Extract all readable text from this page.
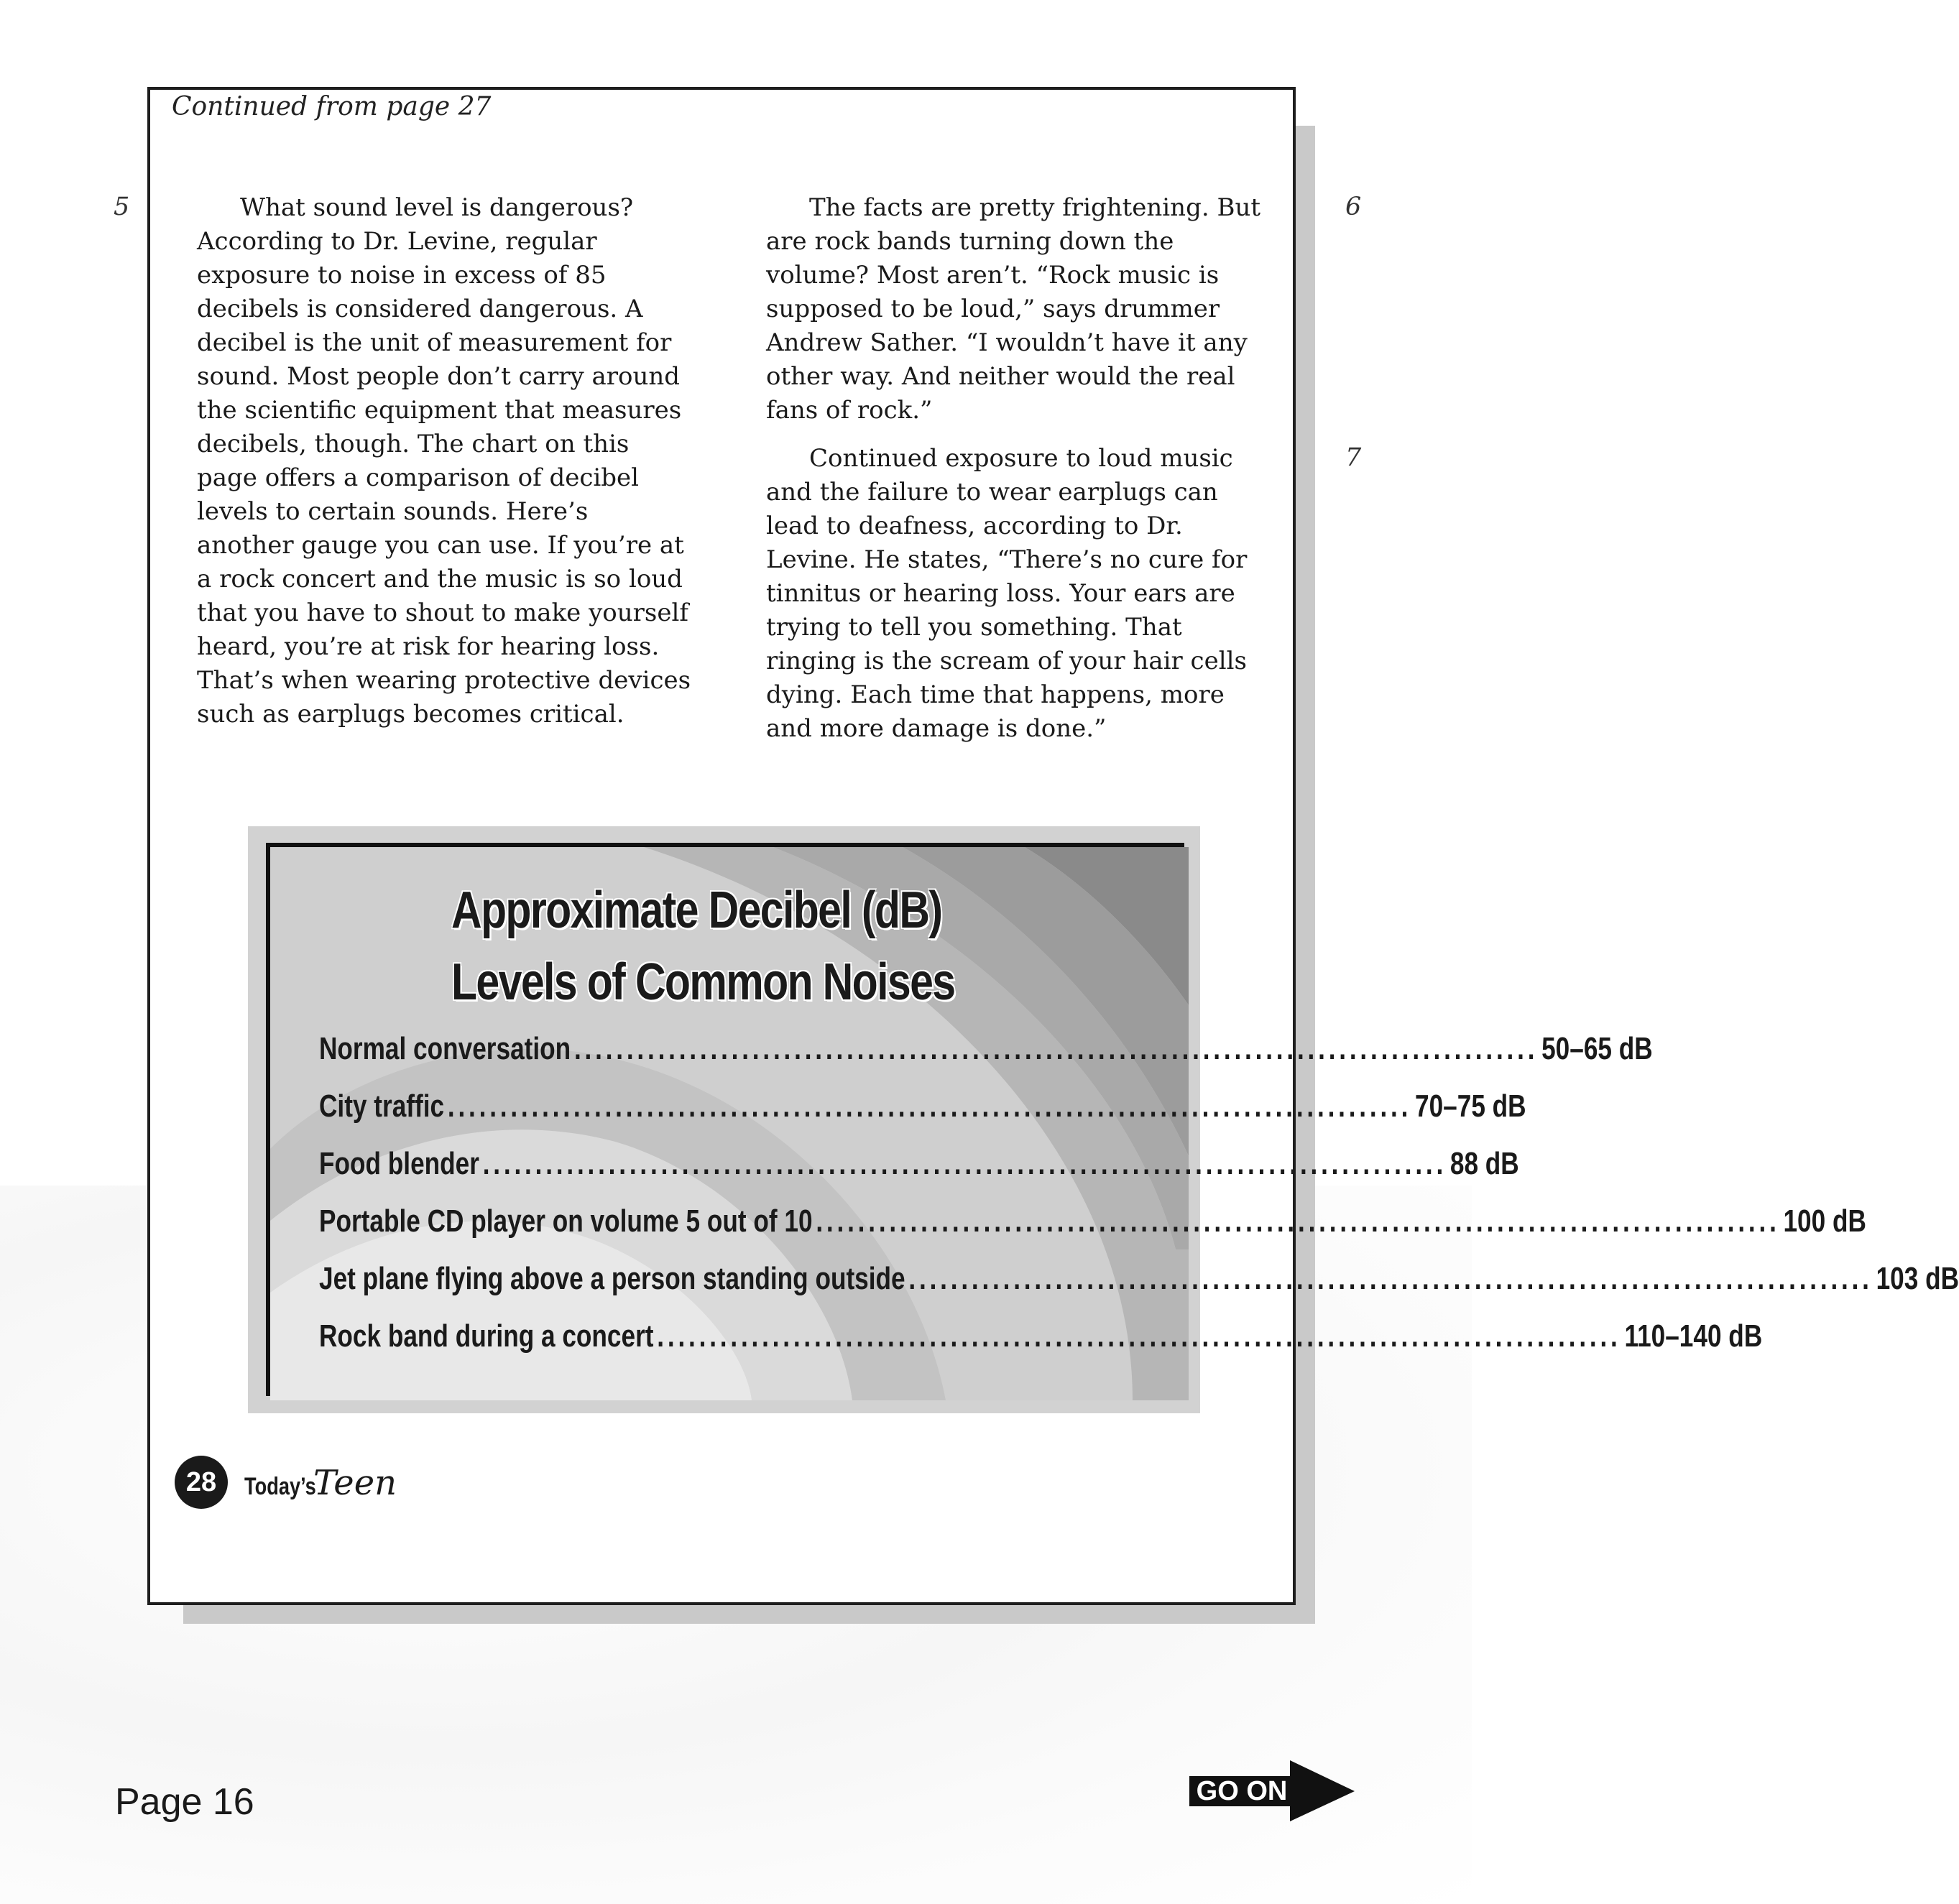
Continued from page 27
5	6
7

What sound level is dangerous? According to Dr. Levine, regular exposure to noise in excess of 85 decibels is considered dangerous. A decibel is the unit of measurement for sound. Most people don’t carry around the scientific equipment that measures decibels, though. The chart on this page offers a comparison of decibel levels to certain sounds. Here’s another gauge you can use. If you’re at a rock concert and the music is so loud that you have to shout to make yourself heard, you’re at risk for hearing loss. That’s when wearing protective devices such as earplugs becomes critical.

The facts are pretty frightening. But are rock bands turning down the volume? Most aren’t. “Rock music is supposed to be loud,” says drummer Andrew Sather. “I wouldn’t have it any other way. And neither would the real fans of rock.”

Continued exposure to loud music and the failure to wear earplugs can lead to deafness, according to Dr. Levine. He states, “There’s no cure for tinnitus or hearing loss. Your ears are trying to tell you something. That ringing is the scream of your hair cells dying. Each time that happens, more and more damage is done.”

Approximate Decibel (dB)
Levels of Common Noises
Normal conversation ............................................................................................ 50–65 dB
City traffic ............................................................................................ 70–75 dB
Food blender ............................................................................................ 88 dB
Portable CD player on volume 5 out of 10 ............................................................................................ 100 dB
Jet plane flying above a person standing outside ............................................................................................ 103 dB
Rock band during a concert ............................................................................................ 110–140 dB
28	Today’s
Teen
Page 16	GO ON
